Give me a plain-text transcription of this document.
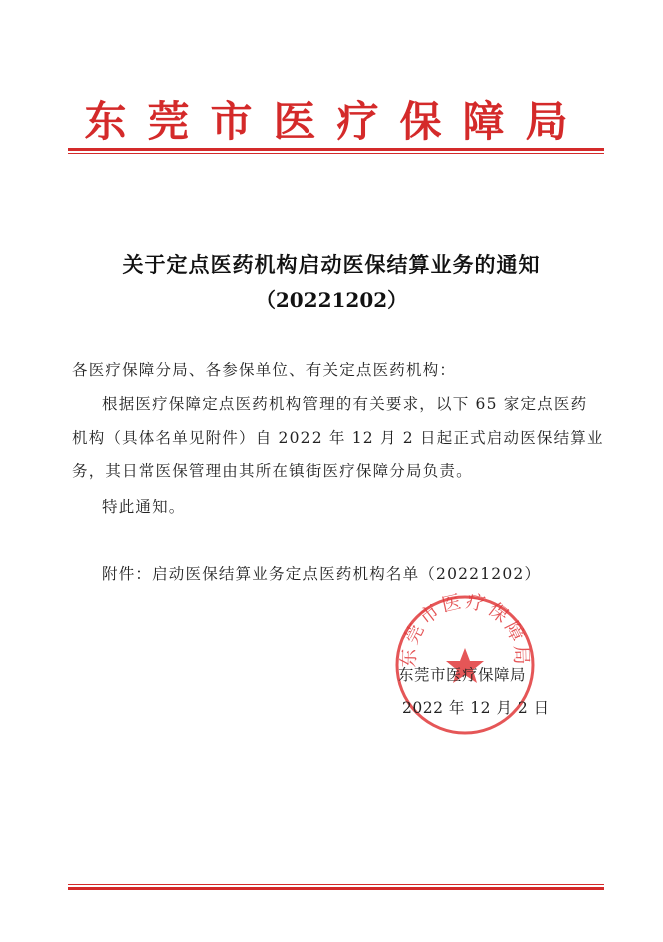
东莞市医疗保障局
关于定点医药机构启动医保结算业务的通知
（20221202）
各医疗保障分局、各参保单位、有关定点医药机构：
根据医疗保障定点医药机构管理的有关要求，以下 65 家定点医药
机构（具体名单见附件）自 2022 年 12 月 2 日起正式启动医保结算业
务，其日常医保管理由其所在镇街医疗保障分局负责。
特此通知。
附件：启动医保结算业务定点医药机构名单（20221202）
东莞市医疗保障局
东莞市医疗保障局
2022 年 12 月 2 日
